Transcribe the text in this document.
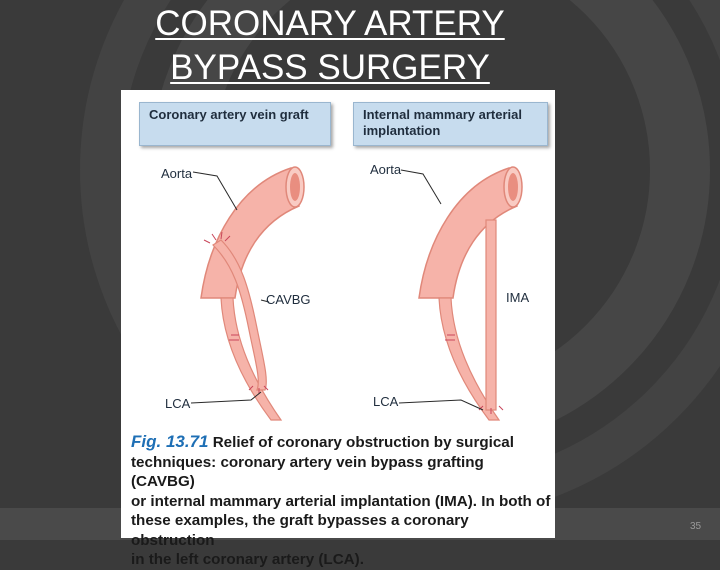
CORONARY ARTERY
BYPASS SURGERY
Aorta
CAVBG
LCA
Aorta
IMA
LCA
Coronary artery vein graft	Internal mammary arterial
implantation
Fig. 13.71 Relief of coronary obstruction by surgical
techniques: coronary artery vein bypass grafting (CAVBG)
or internal mammary arterial implantation (IMA). In both of
these examples, the graft bypasses a coronary obstruction
in the left coronary artery (LCA).
35
